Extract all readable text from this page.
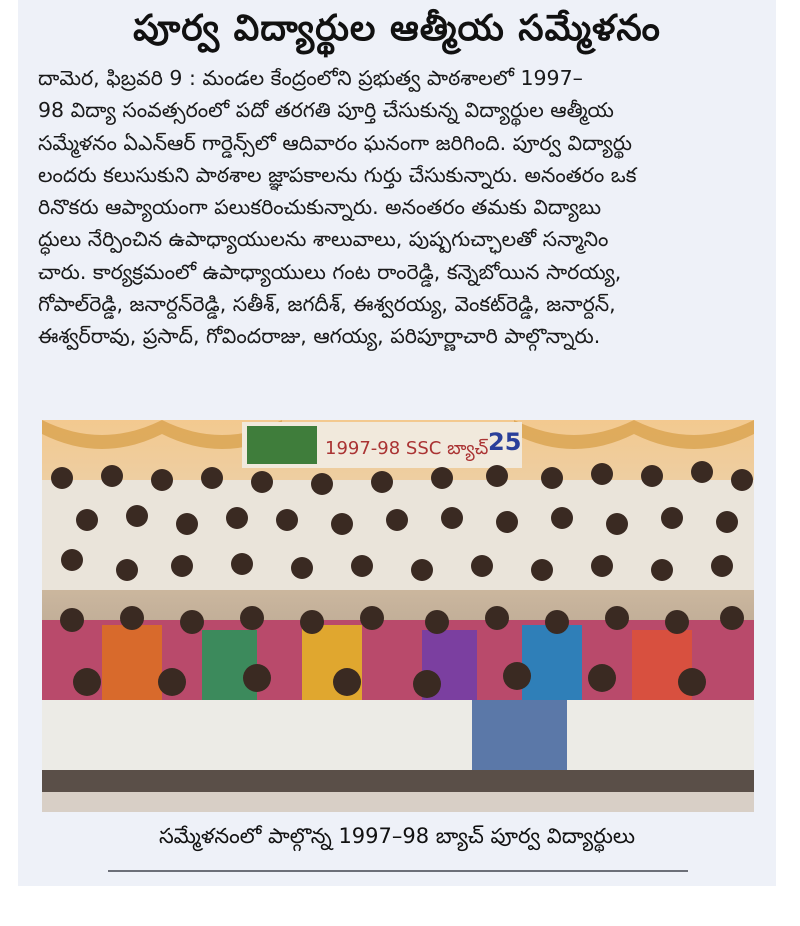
పూర్వ విద్యార్థుల ఆత్మీయ సమ్మేళనం
దామెర, ఫిబ్రవరి 9 : మండల కేంద్రంలోని ప్రభుత్వ పాఠశాలలో 1997–
98 విద్యా సంవత్సరంలో పదో తరగతి పూర్తి చేసుకున్న విద్యార్థుల ఆత్మీయ
సమ్మేళనం ఏఎన్ఆర్ గార్డెన్స్‌లో ఆదివారం ఘనంగా జరిగింది. పూర్వ విద్యార్థు
లందరు కలుసుకుని పాఠశాల జ్ఞాపకాలను గుర్తు చేసుకున్నారు. అనంతరం ఒక
రినొకరు ఆప్యాయంగా పలుకరించుకున్నారు. అనంతరం తమకు విద్యాబు
ద్ధులు నేర్పించిన ఉపాధ్యాయులను శాలువాలు, పుష్పగుచ్ఛాలతో సన్మానిం
చారు. కార్యక్రమంలో ఉపాధ్యాయులు గంట రాంరెడ్డి, కన్నెబోయిన సారయ్య,
గోపాల్‌రెడ్డి, జనార్దన్‌రెడ్డి, సతీశ్, జగదీశ్, ఈశ్వరయ్య, వెంకట్‌రెడ్డి, జనార్దన్,
ఈశ్వర్‌రావు, ప్రసాద్, గోవిందరాజు, ఆగయ్య, పరిపూర్ణాచారి పాల్గొన్నారు.
1997-98 SSC బ్యాచ్ 25
సమ్మేళనంలో పాల్గొన్న 1997–98 బ్యాచ్ పూర్వ విద్యార్థులు
